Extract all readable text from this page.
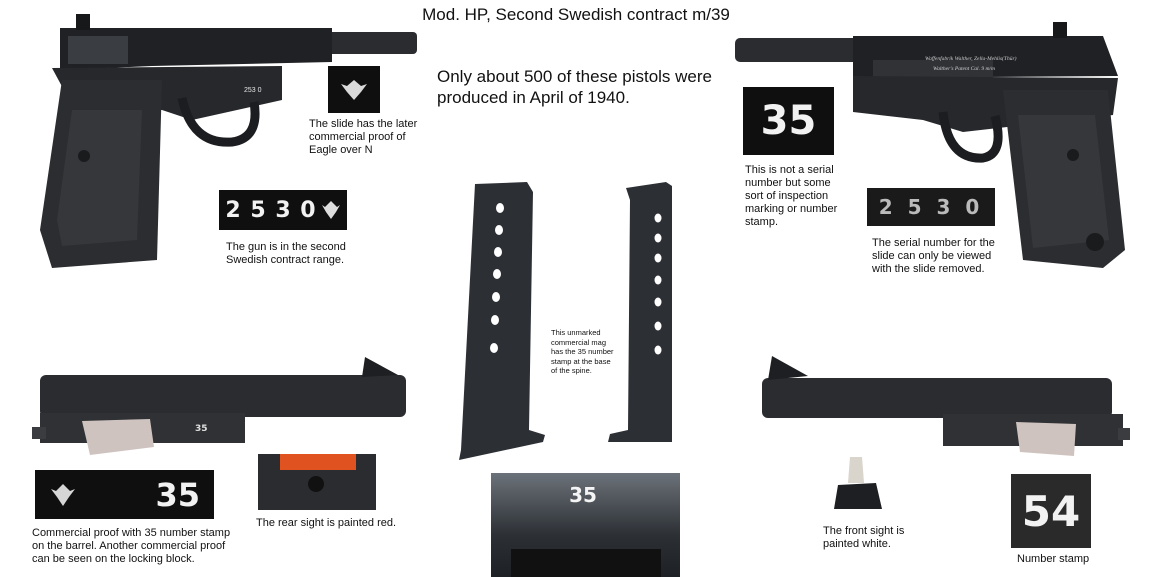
Mod. HP, Second Swedish contract m/39
Only about 500 of these pistols were produced in April of 1940.
253 0
The slide has the later commercial proof of Eagle over N
2 5 3 0
The gun is in the second Swedish contract range.
Waffenfabrik Walther, Zella-Mehlis(Thür)
Walther's Patent Cal. 9 m/m
35
This is not a serial number but some sort of inspection marking or number stamp.
2 5 3 0
The serial number for the slide can only be viewed with the slide removed.
This unmarked commercial mag has the 35 number stamp at the base of the spine.
35
35
35
Commercial proof with 35 number stamp on the barrel. Another commercial proof can be seen on the locking block.
The rear sight is painted red.
The front sight is painted white.
54
Number stamp
